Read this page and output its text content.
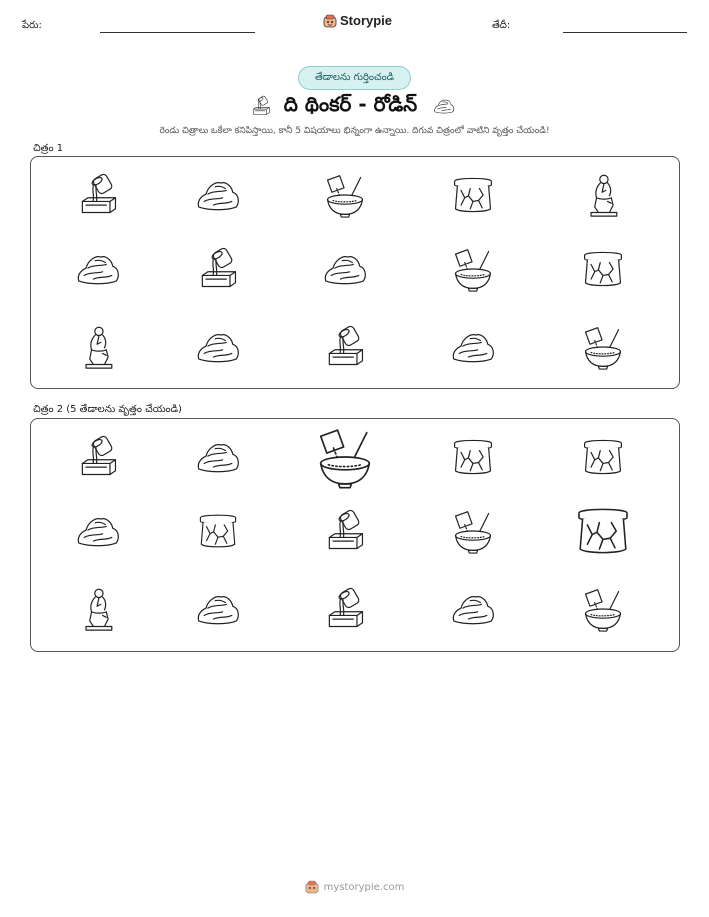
పేరు:	Storypie	తేదీ:
తేడాలను గుర్తించండి
ది థింకర్ - రోడిన్
రెండు చిత్రాలు ఒకేలా కనిపిస్తాయి, కానీ 5 విషయాలు భిన్నంగా ఉన్నాయి. దిగువ చిత్రంలో వాటిని వృత్తం చేయండి!
చిత్రం 1
చిత్రం 2 (5 తేడాలను వృత్తం చేయండి)
mystorypie.com
